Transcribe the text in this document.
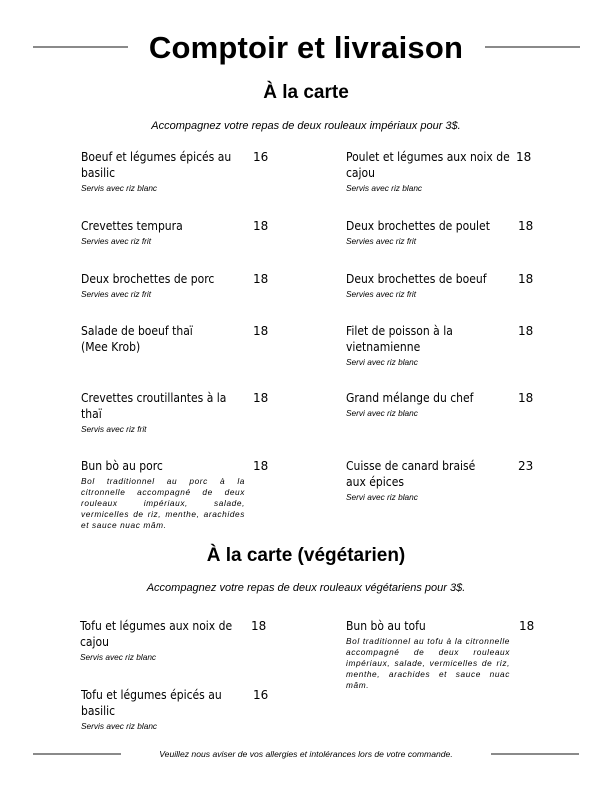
Comptoir et livraison
À la carte
Accompagnez votre repas de deux rouleaux impériaux pour 3$.
Boeuf et légumes épicés au basilic
16
Servis avec riz blanc
Crevettes tempura	18
Servies avec riz frit
Deux brochettes de porc	18
Servies avec riz frit
Salade de boeuf thaï (Mee Krob)
18
Crevettes croutillantes à la thaï
18
Servis avec riz frit
Bun bò au porc	18
Bol traditionnel au porc à la citronnelle accompagné de deux rouleaux impériaux, salade, vermicelles de riz, menthe, arachides et sauce nuac mâm.
Poulet et légumes aux noix de cajou
18
Servis avec riz blanc
Deux brochettes de poulet	18
Servies avec riz frit
Deux brochettes de boeuf	18
Servies avec riz frit
Filet de poisson à la vietnamienne
18
Servi avec riz blanc
Grand mélange du chef	18
Servi avec riz blanc
Cuisse de canard braisé aux épices
23
Servi avec riz blanc
À la carte (végétarien)
Accompagnez votre repas de deux rouleaux végétariens pour 3$.
Tofu et légumes aux noix de cajou
18
Servis avec riz blanc
Tofu et légumes épicés au basilic
16
Servis avec riz blanc
Bun bò au tofu	18
Bol traditionnel au tofu à la citronnelle accompagné de deux rouleaux impériaux, salade, vermicelles de riz, menthe, arachides et sauce nuac mâm.
Veuillez nous aviser de vos allergies et intolérances lors de votre commande.
